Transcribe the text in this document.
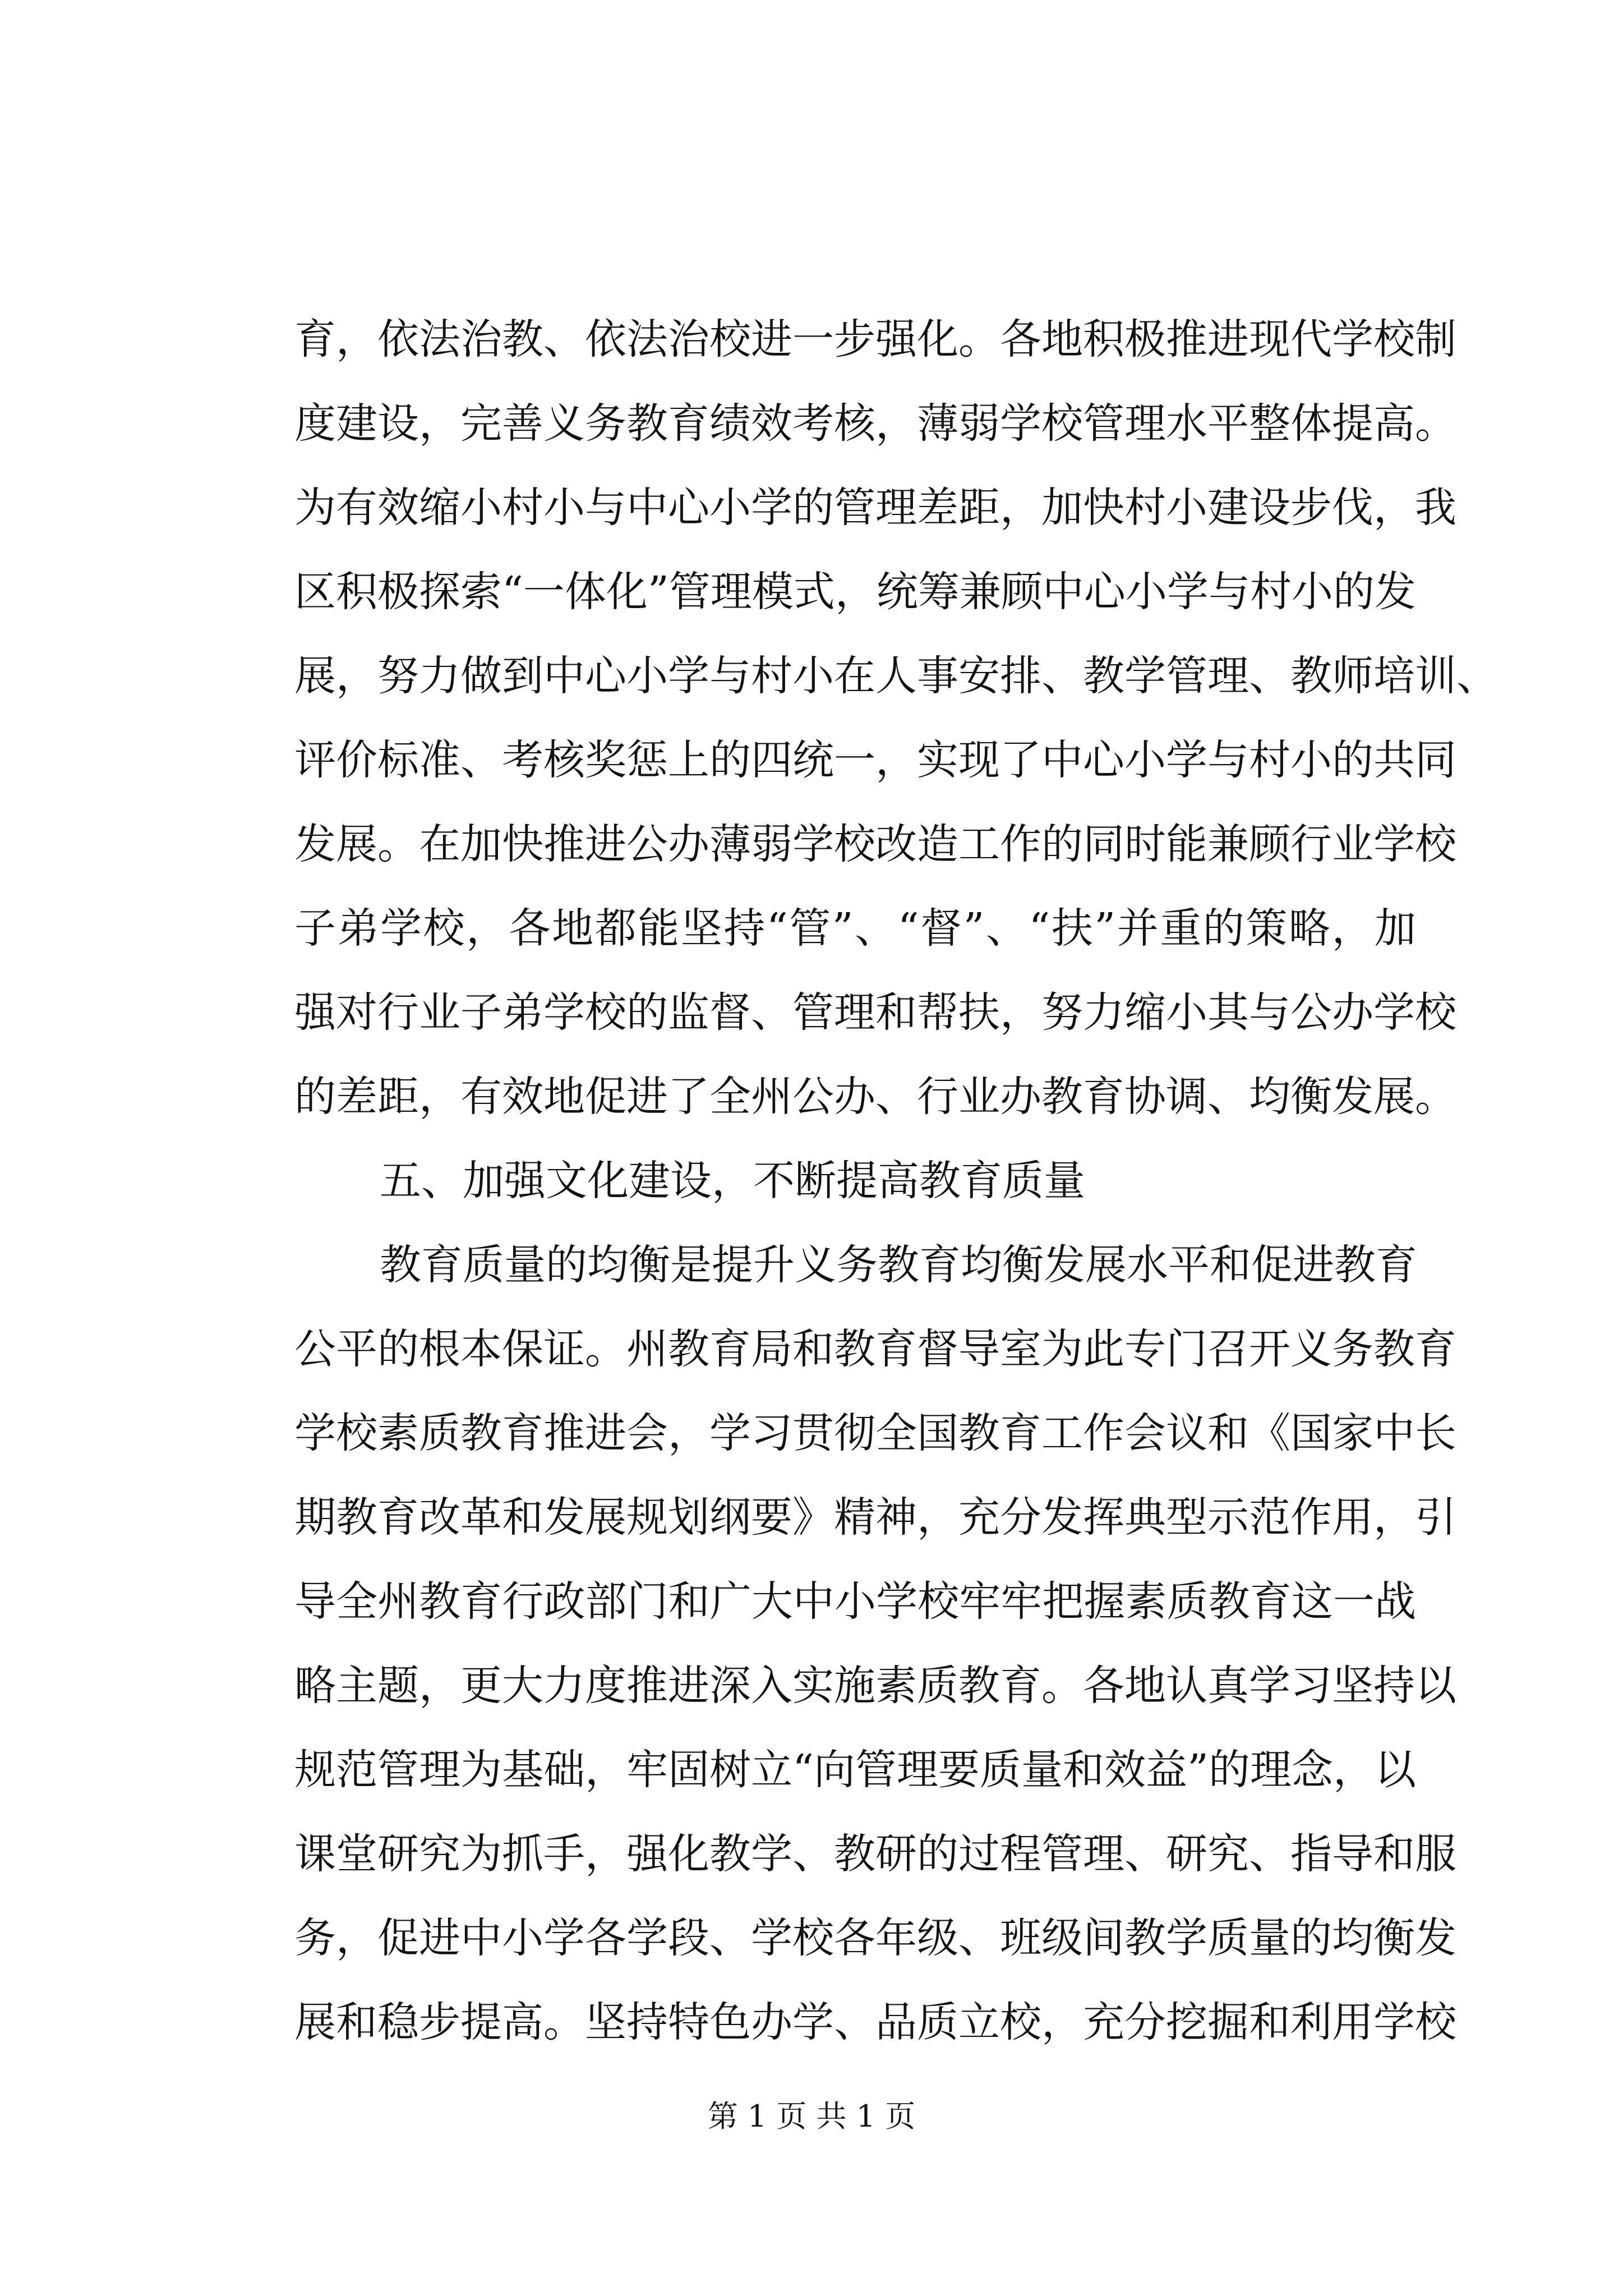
育，依法治教、依法治校进一步强化。各地积极推进现代学校制
度建设，完善义务教育绩效考核，薄弱学校管理水平整体提高。
为有效缩小村小与中心小学的管理差距，加快村小建设步伐，我
区积极探索“一体化”管理模式，统筹兼顾中心小学与村小的发
展，努力做到中心小学与村小在人事安排、教学管理、教师培训、
评价标准、考核奖惩上的四统一，实现了中心小学与村小的共同
发展。在加快推进公办薄弱学校改造工作的同时能兼顾行业学校
子弟学校，各地都能坚持“管”、“督”、“扶”并重的策略，加
强对行业子弟学校的监督、管理和帮扶，努力缩小其与公办学校
的差距，有效地促进了全州公办、行业办教育协调、均衡发展。
五、加强文化建设，不断提高教育质量
教育质量的均衡是提升义务教育均衡发展水平和促进教育
公平的根本保证。州教育局和教育督导室为此专门召开义务教育
学校素质教育推进会，学习贯彻全国教育工作会议和《国家中长
期教育改革和发展规划纲要》精神，充分发挥典型示范作用，引
导全州教育行政部门和广大中小学校牢牢把握素质教育这一战
略主题，更大力度推进深入实施素质教育。各地认真学习坚持以
规范管理为基础，牢固树立“向管理要质量和效益”的理念，以
课堂研究为抓手，强化教学、教研的过程管理、研究、指导和服
务，促进中小学各学段、学校各年级、班级间教学质量的均衡发
展和稳步提高。坚持特色办学、品质立校，充分挖掘和利用学校
第 1 页 共 1 页
